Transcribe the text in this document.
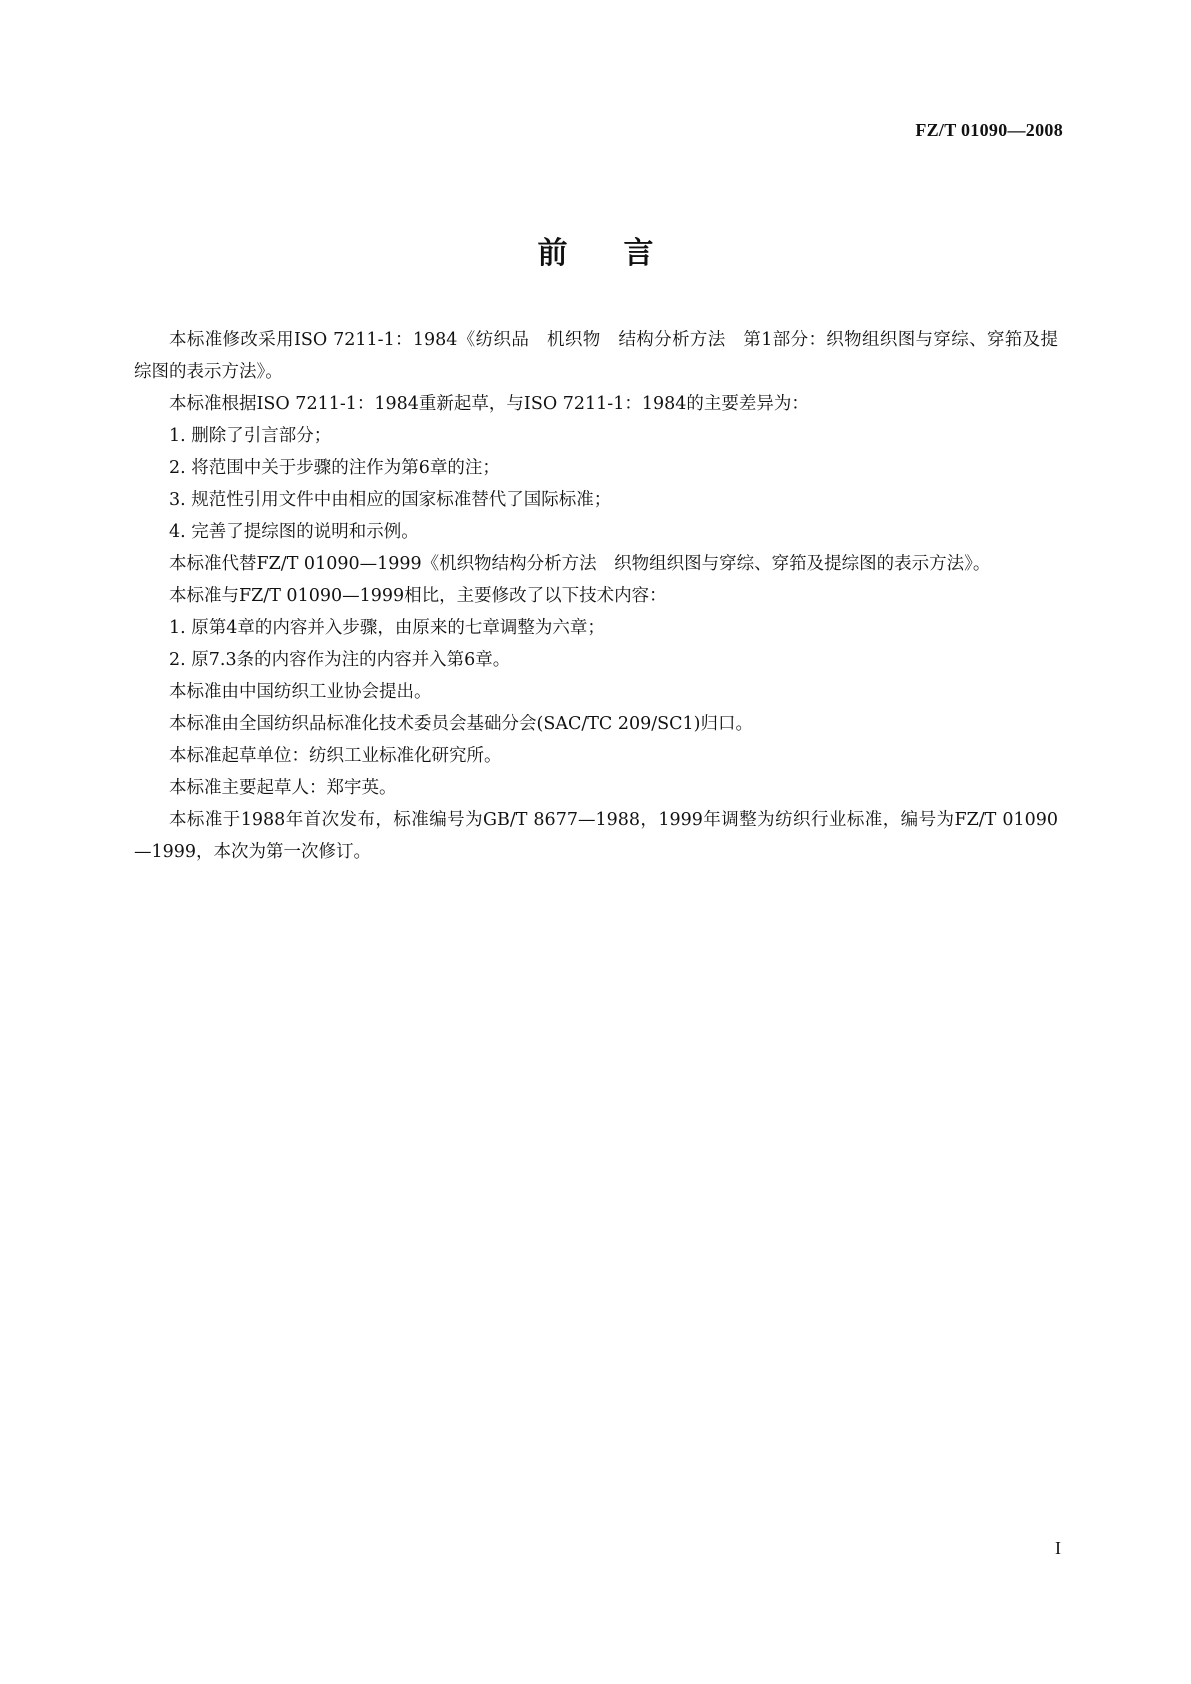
FZ/T 01090—2008
前言

本标准修改采用ISO 7211-1：1984《纺织品　机织物　结构分析方法　第1部分：织物组织图与穿综、穿筘及提综图的表示方法》。

本标准根据ISO 7211-1：1984重新起草，与ISO 7211-1：1984的主要差异为：

1. 删除了引言部分；

2. 将范围中关于步骤的注作为第6章的注；

3. 规范性引用文件中由相应的国家标准替代了国际标准；

4. 完善了提综图的说明和示例。

本标准代替FZ/T 01090—1999《机织物结构分析方法　织物组织图与穿综、穿筘及提综图的表示方法》。

本标准与FZ/T 01090—1999相比，主要修改了以下技术内容：

1. 原第4章的内容并入步骤，由原来的七章调整为六章；

2. 原7.3条的内容作为注的内容并入第6章。

本标准由中国纺织工业协会提出。

本标准由全国纺织品标准化技术委员会基础分会(SAC/TC 209/SC1)归口。

本标准起草单位：纺织工业标准化研究所。

本标准主要起草人：郑宇英。

本标准于1988年首次发布，标准编号为GB/T 8677—1988，1999年调整为纺织行业标准，编号为FZ/T 01090—1999，本次为第一次修订。

I
